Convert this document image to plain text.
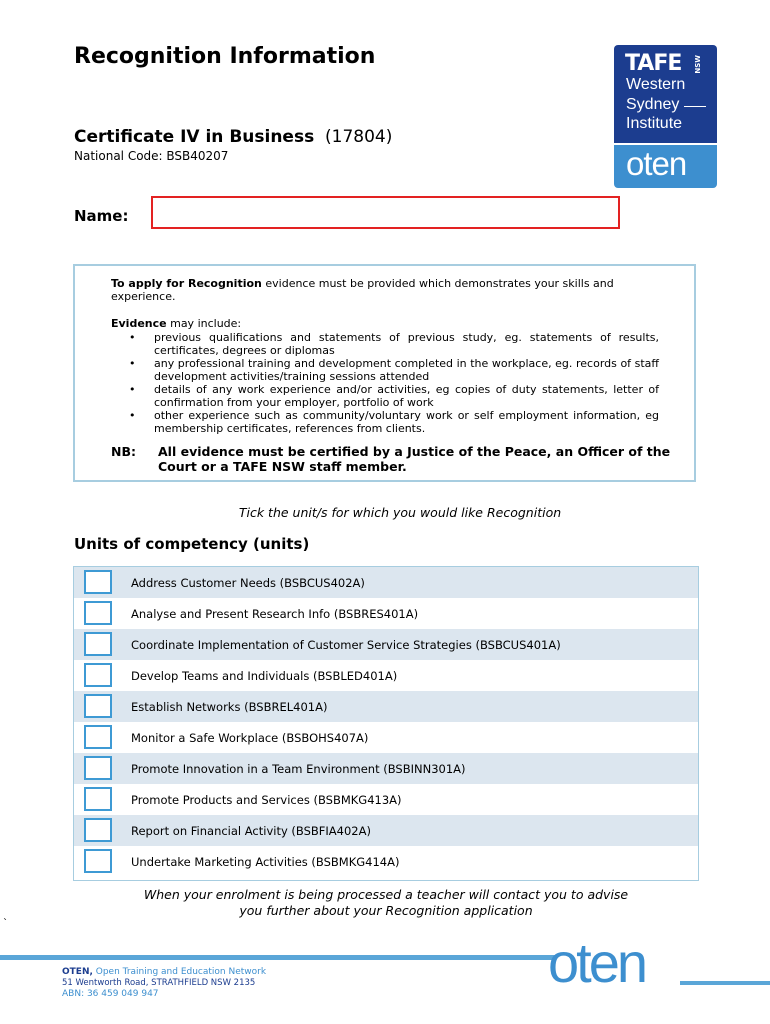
Recognition Information
Certificate IV in Business (17804)
National Code: BSB40207
TAFE NSW
Western
Sydney
Institute
oten
Name:
To apply for Recognition evidence must be provided which demonstrates your skills and experience.
Evidence may include:
• previous qualifications and statements of previous study, eg. statements of results, certificates, degrees or diplomas
• any professional training and development completed in the workplace, eg. records of staff development activities/training sessions attended
• details of any work experience and/or activities, eg copies of duty statements, letter of confirmation from your employer, portfolio of work
• other experience such as community/voluntary work or self employment information, eg membership certificates, references from clients.
NB: All evidence must be certified by a Justice of the Peace, an Officer of the Court or a TAFE NSW staff member.
Tick the unit/s for which you would like Recognition
Units of competency (units)
Address Customer Needs (BSBCUS402A)
Analyse and Present Research Info (BSBRES401A)
Coordinate Implementation of Customer Service Strategies (BSBCUS401A)
Develop Teams and Individuals (BSBLED401A)
Establish Networks (BSBREL401A)
Monitor a Safe Workplace (BSBOHS407A)
Promote Innovation in a Team Environment (BSBINN301A)
Promote Products and Services (BSBMKG413A)
Report on Financial Activity (BSBFIA402A)
Undertake Marketing Activities (BSBMKG414A)
When your enrolment is being processed a teacher will contact you to advise
you further about your Recognition application
`
oten
OTEN, Open Training and Education Network
51 Wentworth Road, STRATHFIELD NSW 2135
ABN: 36 459 049 947
